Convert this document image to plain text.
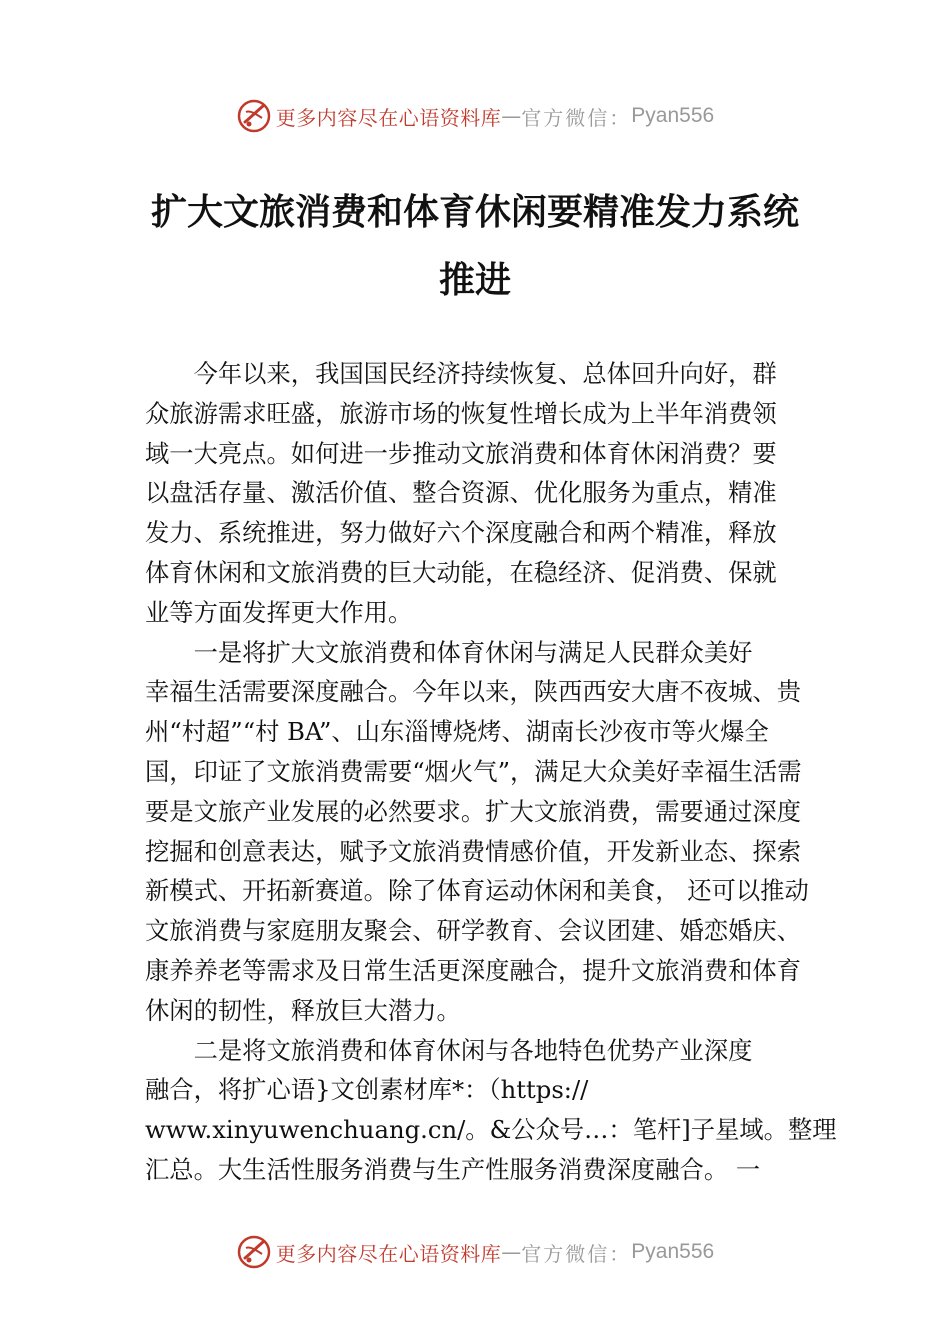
更多内容尽在心语资料库 — 官方微信： Pyan556
扩大文旅消费和体育休闲要精准发力系统
推进
　　今年以来，我国国民经济持续恢复、总体回升向好，群
众旅游需求旺盛，旅游市场的恢复性增长成为上半年消费领
域一大亮点。如何进一步推动文旅消费和体育休闲消费？要
以盘活存量、激活价值、整合资源、优化服务为重点，精准
发力、系统推进，努力做好六个深度融合和两个精准，释放
体育休闲和文旅消费的巨大动能，在稳经济、促消费、保就
业等方面发挥更大作用。
　　一是将扩大文旅消费和体育休闲与满足人民群众美好
幸福生活需要深度融合。今年以来，陕西西安大唐不夜城、贵
州“村超”“村 BA”、山东淄博烧烤、湖南长沙夜市等火爆全
国，印证了文旅消费需要“烟火气”，满足大众美好幸福生活需
要是文旅产业发展的必然要求。扩大文旅消费，需要通过深度
挖掘和创意表达，赋予文旅消费情感价值，开发新业态、探索
新模式、开拓新赛道。除了体育运动休闲和美食， 还可以推动
文旅消费与家庭朋友聚会、研学教育、会议团建、婚恋婚庆、
康养养老等需求及日常生活更深度融合，提升文旅消费和体育
休闲的韧性，释放巨大潜力。
　　二是将文旅消费和体育休闲与各地特色优势产业深度
融合，将扩心语}文创素材库*：（https://
www.xinyuwenchuang.cn/。&公众号…：笔杆]子星域。整理
汇总。大生活性服务消费与生产性服务消费深度融合。 一
更多内容尽在心语资料库 — 官方微信： Pyan556
